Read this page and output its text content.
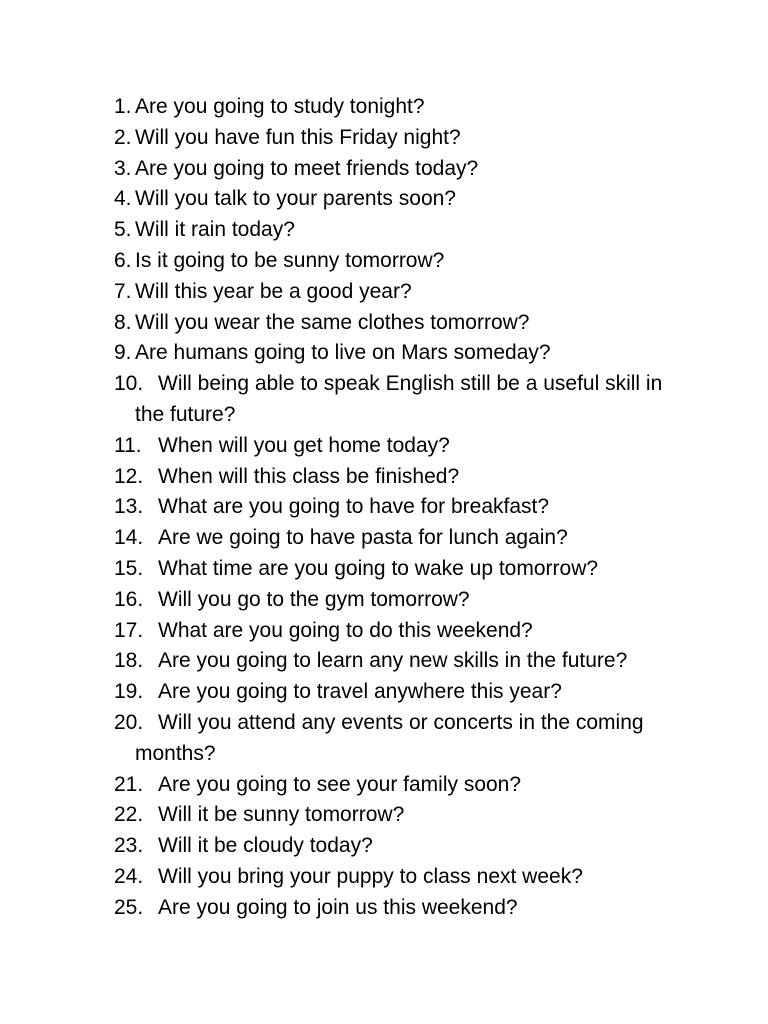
1. Are you going to study tonight?
2. Will you have fun this Friday night?
3. Are you going to meet friends today?
4. Will you talk to your parents soon?
5. Will it rain today?
6. Is it going to be sunny tomorrow?
7. Will this year be a good year?
8. Will you wear the same clothes tomorrow?
9. Are humans going to live on Mars someday?
10. Will being able to speak English still be a useful skill in the future?
11. When will you get home today?
12. When will this class be finished?
13. What are you going to have for breakfast?
14. Are we going to have pasta for lunch again?
15. What time are you going to wake up tomorrow?
16. Will you go to the gym tomorrow?
17. What are you going to do this weekend?
18. Are you going to learn any new skills in the future?
19. Are you going to travel anywhere this year?
20. Will you attend any events or concerts in the coming months?
21. Are you going to see your family soon?
22. Will it be sunny tomorrow?
23. Will it be cloudy today?
24. Will you bring your puppy to class next week?
25. Are you going to join us this weekend?
